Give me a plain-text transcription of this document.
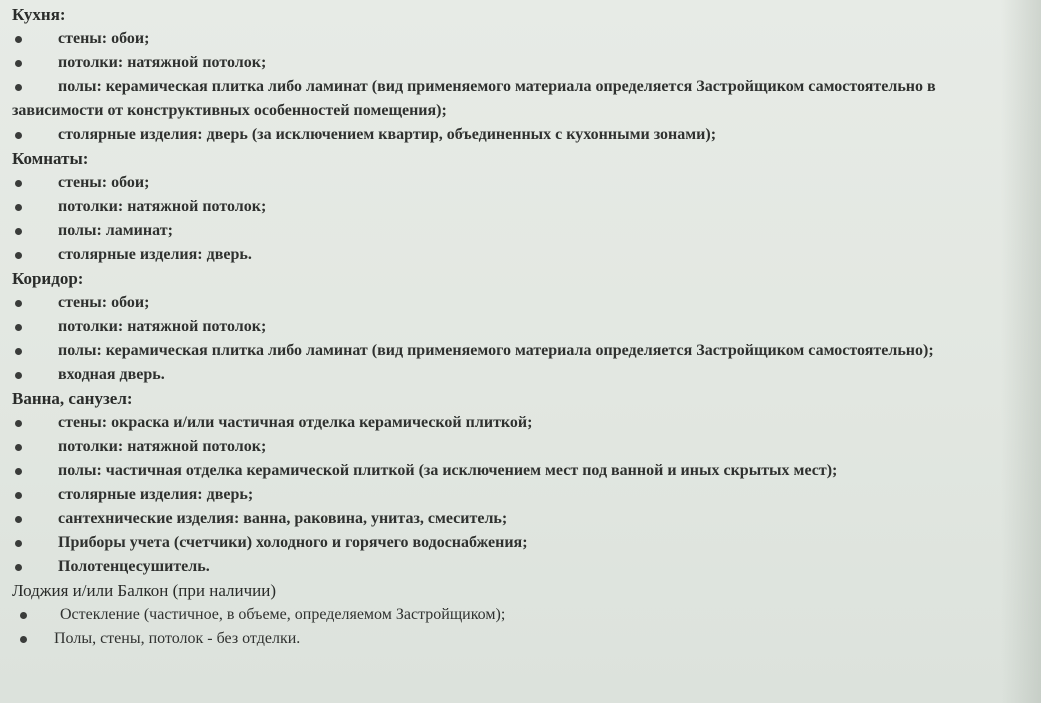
Кухня:

стены: обои;
потолки: натяжной потолок;
полы: керамическая плитка либо ламинат (вид применяемого материала определяется Застройщиком самостоятельно в зависимости от конструктивных особенностей помещения);
столярные изделия: дверь (за исключением квартир, объединенных с кухонными зонами);

Комнаты:

стены: обои;
потолки: натяжной потолок;
полы: ламинат;
столярные изделия: дверь.

Коридор:

стены: обои;
потолки: натяжной потолок;
полы: керамическая плитка либо ламинат (вид применяемого материала определяется Застройщиком самостоятельно);
входная дверь.

Ванна, санузел:

стены: окраска и/или частичная отделка керамической плиткой;
потолки: натяжной потолок;
полы: частичная отделка керамической плиткой (за исключением мест под ванной и иных скрытых мест);
столярные изделия: дверь;
сантехнические изделия: ванна, раковина, унитаз, смеситель;
Приборы учета (счетчики) холодного и горячего водоснабжения;
Полотенцесушитель.

Лоджия и/или Балкон (при наличии)

Остекление (частичное, в объеме, определяемом Застройщиком);
Полы, стены, потолок - без отделки.
